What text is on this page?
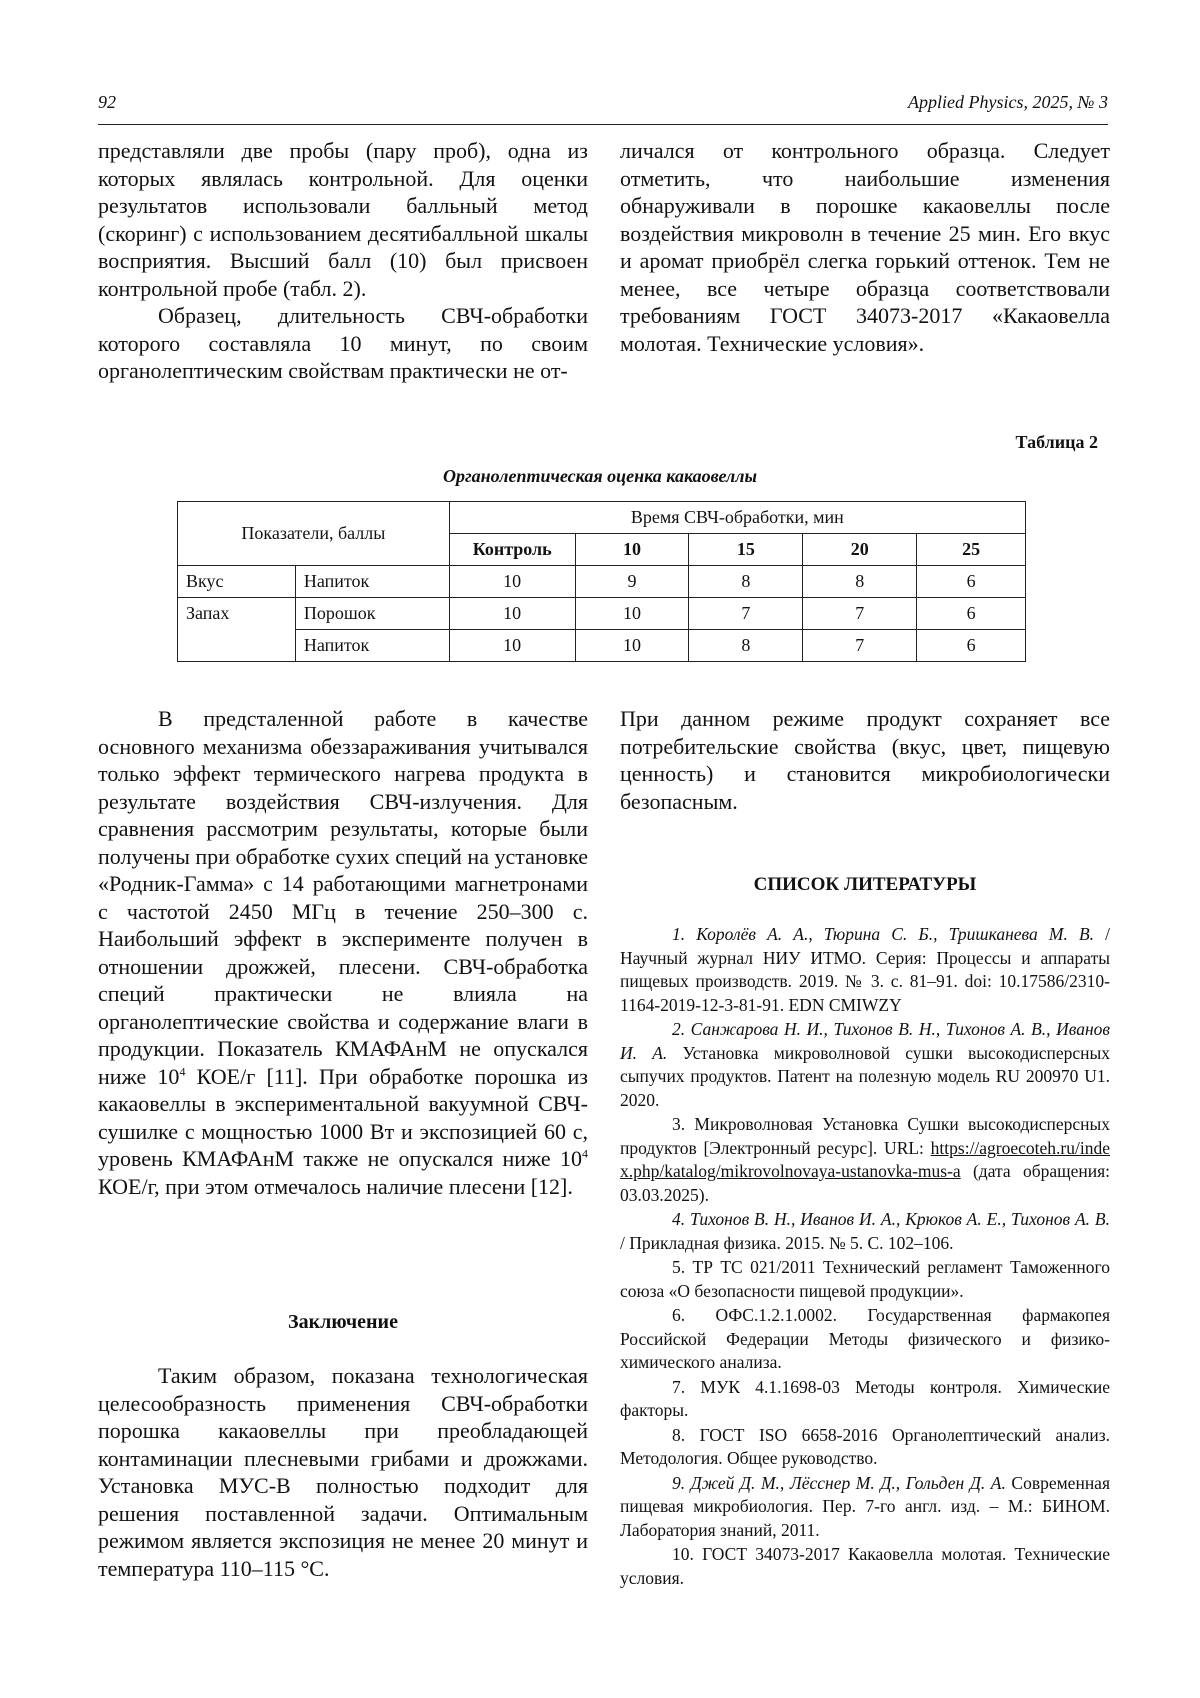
92	Applied Physics, 2025, № 3

представляли две пробы (пару проб), одна из которых являлась контрольной. Для оценки результатов использовали балльный метод (скоринг) с использованием десятибалльной шкалы восприятия. Высший балл (10) был присвоен контрольной пробе (табл. 2).

Образец, длительность СВЧ-обработки которого составляла 10 минут, по своим органолептическим свойствам практически не от-

личался от контрольного образца. Следует отметить, что наибольшие изменения обнаруживали в порошке какаовеллы после воздействия микроволн в течение 25 мин. Его вкус и аромат приобрёл слегка горький оттенок. Тем не менее, все четыре образца соответствовали требованиям ГОСТ 34073-2017 «Какаовелла молотая. Технические условия».

Таблица 2
Органолептическая оценка какаовеллы
Показатели, баллы		Время СВЧ-обработки, мин				
		Контроль	10	15	20	25
Вкус	Напиток	10	9	8	8	6
Запах	Порошок	10	10	7	7	6
	Напиток	10	10	8	7	6

В предсталенной работе в качестве основного механизма обеззараживания учитывался только эффект термического нагрева продукта в результате воздействия СВЧ-излучения. Для сравнения рассмотрим результаты, которые были получены при обработке сухих специй на установке «Родник-Гамма» с 14 работающими магнетронами с частотой 2450 МГц в течение 250–300 с. Наибольший эффект в эксперименте получен в отношении дрожжей, плесени. СВЧ-обработка специй практически не влияла на органолептические свойства и содержание влаги в продукции. Показатель КМАФАнМ не опускался ниже $10^4$ КОЕ/г [11]. При обработке порошка из какаовеллы в экспериментальной вакуумной СВЧ-сушилке с мощностью 1000 Вт и экспозицией 60 с, уровень КМАФАнМ также не опускался ниже $10^4$ КОЕ/г, при этом отмечалось наличие плесени [12].

Заключение

Таким образом, показана технологическая целесообразность применения СВЧ-обработки порошка какаовеллы при преобладающей контаминации плесневыми грибами и дрожжами. Установка МУС-В полностью подходит для решения поставленной задачи. Оптимальным режимом является экспозиция не менее 20 минут и температура 110–115 °С.

При данном режиме продукт сохраняет все потребительские свойства (вкус, цвет, пищевую ценность) и становится микробиологически безопасным.

СПИСОК ЛИТЕРАТУРЫ

1. Королёв А. А., Тюрина С. Б., Тришканева М. В. / Научный журнал НИУ ИТМО. Серия: Процессы и аппараты пищевых производств. 2019. № 3. с. 81–91. doi: 10.17586/2310-1164-2019-12-3-81-91. EDN CMIWZY

2. Санжарова Н. И., Тихонов В. Н., Тихонов А. В., Иванов И. А. Установка микроволновой сушки высокодисперсных сыпучих продуктов. Патент на полезную модель RU 200970 U1. 2020.

3. Микроволновая Установка Сушки высокодисперсных продуктов [Электронный ресурс]. URL: https://agroecoteh.ru/index.php/katalog/mikrovolnovaya-ustanovka-mus-a (дата обращения: 03.03.2025).

4. Тихонов В. Н., Иванов И. А., Крюков А. Е., Тихонов А. В. / Прикладная физика. 2015. № 5. С. 102–106.

5. ТР ТС 021/2011 Технический регламент Таможенного союза «О безопасности пищевой продукции».

6. ОФС.1.2.1.0002. Государственная фармакопея Российской Федерации Методы физического и физико-химического анализа.

7. МУК 4.1.1698-03 Методы контроля. Химические факторы.

8. ГОСТ ISO 6658-2016 Органолептический анализ. Методология. Общее руководство.

9. Джей Д. М., Лёсснер М. Д., Гольден Д. А. Современная пищевая микробиология. Пер. 7-го англ. изд. – М.: БИНОМ. Лаборатория знаний, 2011.

10. ГОСТ 34073-2017 Какаовелла молотая. Технические условия.
